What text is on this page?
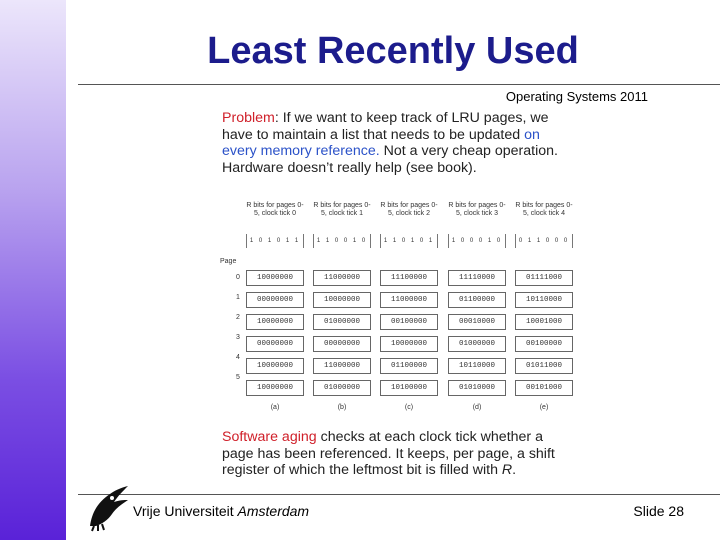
Least Recently Used
Operating Systems 2011
Problem: If we want to keep track of LRU pages, we have to maintain a list that needs to be updated on every memory reference. Not a very cheap operation. Hardware doesn’t really help (see book).
Page
0
1
2
3
4
5
R bits for pages 0-5, clock tick 0
1 0 1 0 1 1
10000000
00000000
10000000
00000000
10000000
10000000
(a)
R bits for pages 0-5, clock tick 1
1 1 0 0 1 0
11000000
10000000
01000000
00000000
11000000
01000000
(b)
R bits for pages 0-5, clock tick 2
1 1 0 1 0 1
11100000
11000000
00100000
10000000
01100000
10100000
(c)
R bits for pages 0-5, clock tick 3
1 0 0 0 1 0
11110000
01100000
00010000
01000000
10110000
01010000
(d)
R bits for pages 0-5, clock tick 4
0 1 1 0 0 0
01111000
10110000
10001000
00100000
01011000
00101000
(e)
Software aging checks at each clock tick whether a page has been referenced. It keeps, per page, a shift register of which the leftmost bit is filled with R.
Vrije Universiteit Amsterdam	Slide 28
